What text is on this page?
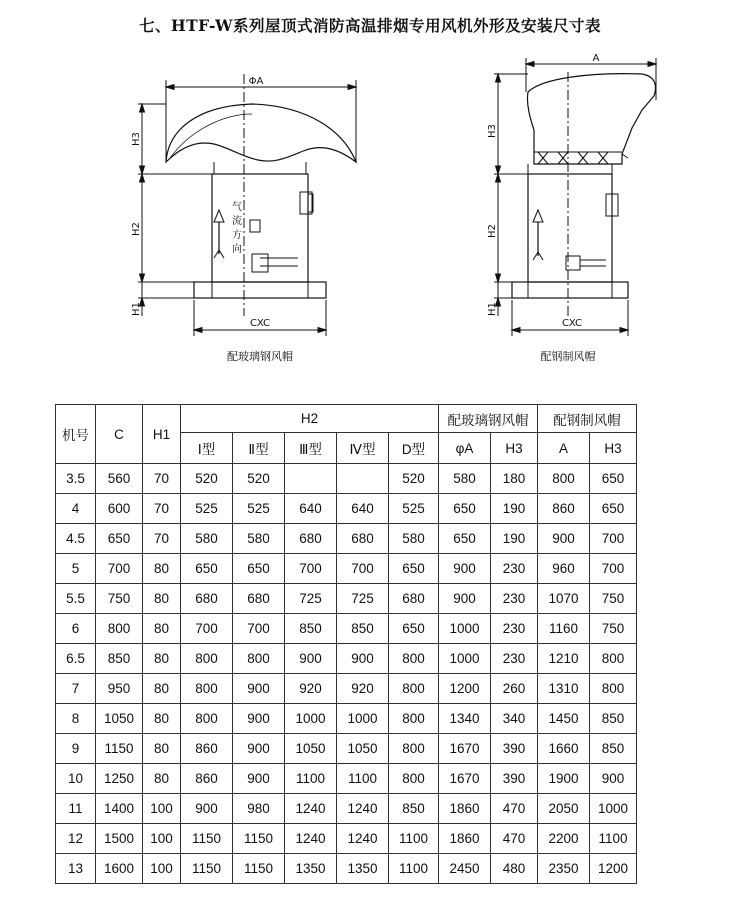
七、HTF-W系列屋顶式消防高温排烟专用风机外形及安装尺寸表
ΦA
CXC
H3
H2
H1
气
流
方
向
配玻璃钢风帽
A
CXC
H3
H2
H1
配钢制风帽
机号	C	H1	H2					配玻璃钢风帽		配钢制风帽	
			Ⅰ型	Ⅱ型	Ⅲ型	Ⅳ型	D型	φA	H3	A	H3
3.5	560	70	520	520			520	580	180	800	650
4	600	70	525	525	640	640	525	650	190	860	650
4.5	650	70	580	580	680	680	580	650	190	900	700
5	700	80	650	650	700	700	650	900	230	960	700
5.5	750	80	680	680	725	725	680	900	230	1070	750
6	800	80	700	700	850	850	650	1000	230	1160	750
6.5	850	80	800	800	900	900	800	1000	230	1210	800
7	950	80	800	900	920	920	800	1200	260	1310	800
8	1050	80	800	900	1000	1000	800	1340	340	1450	850
9	1150	80	860	900	1050	1050	800	1670	390	1660	850
10	1250	80	860	900	1100	1100	800	1670	390	1900	900
11	1400	100	900	980	1240	1240	850	1860	470	2050	1000
12	1500	100	1150	1150	1240	1240	1100	1860	470	2200	1100
13	1600	100	1150	1150	1350	1350	1100	2450	480	2350	1200
